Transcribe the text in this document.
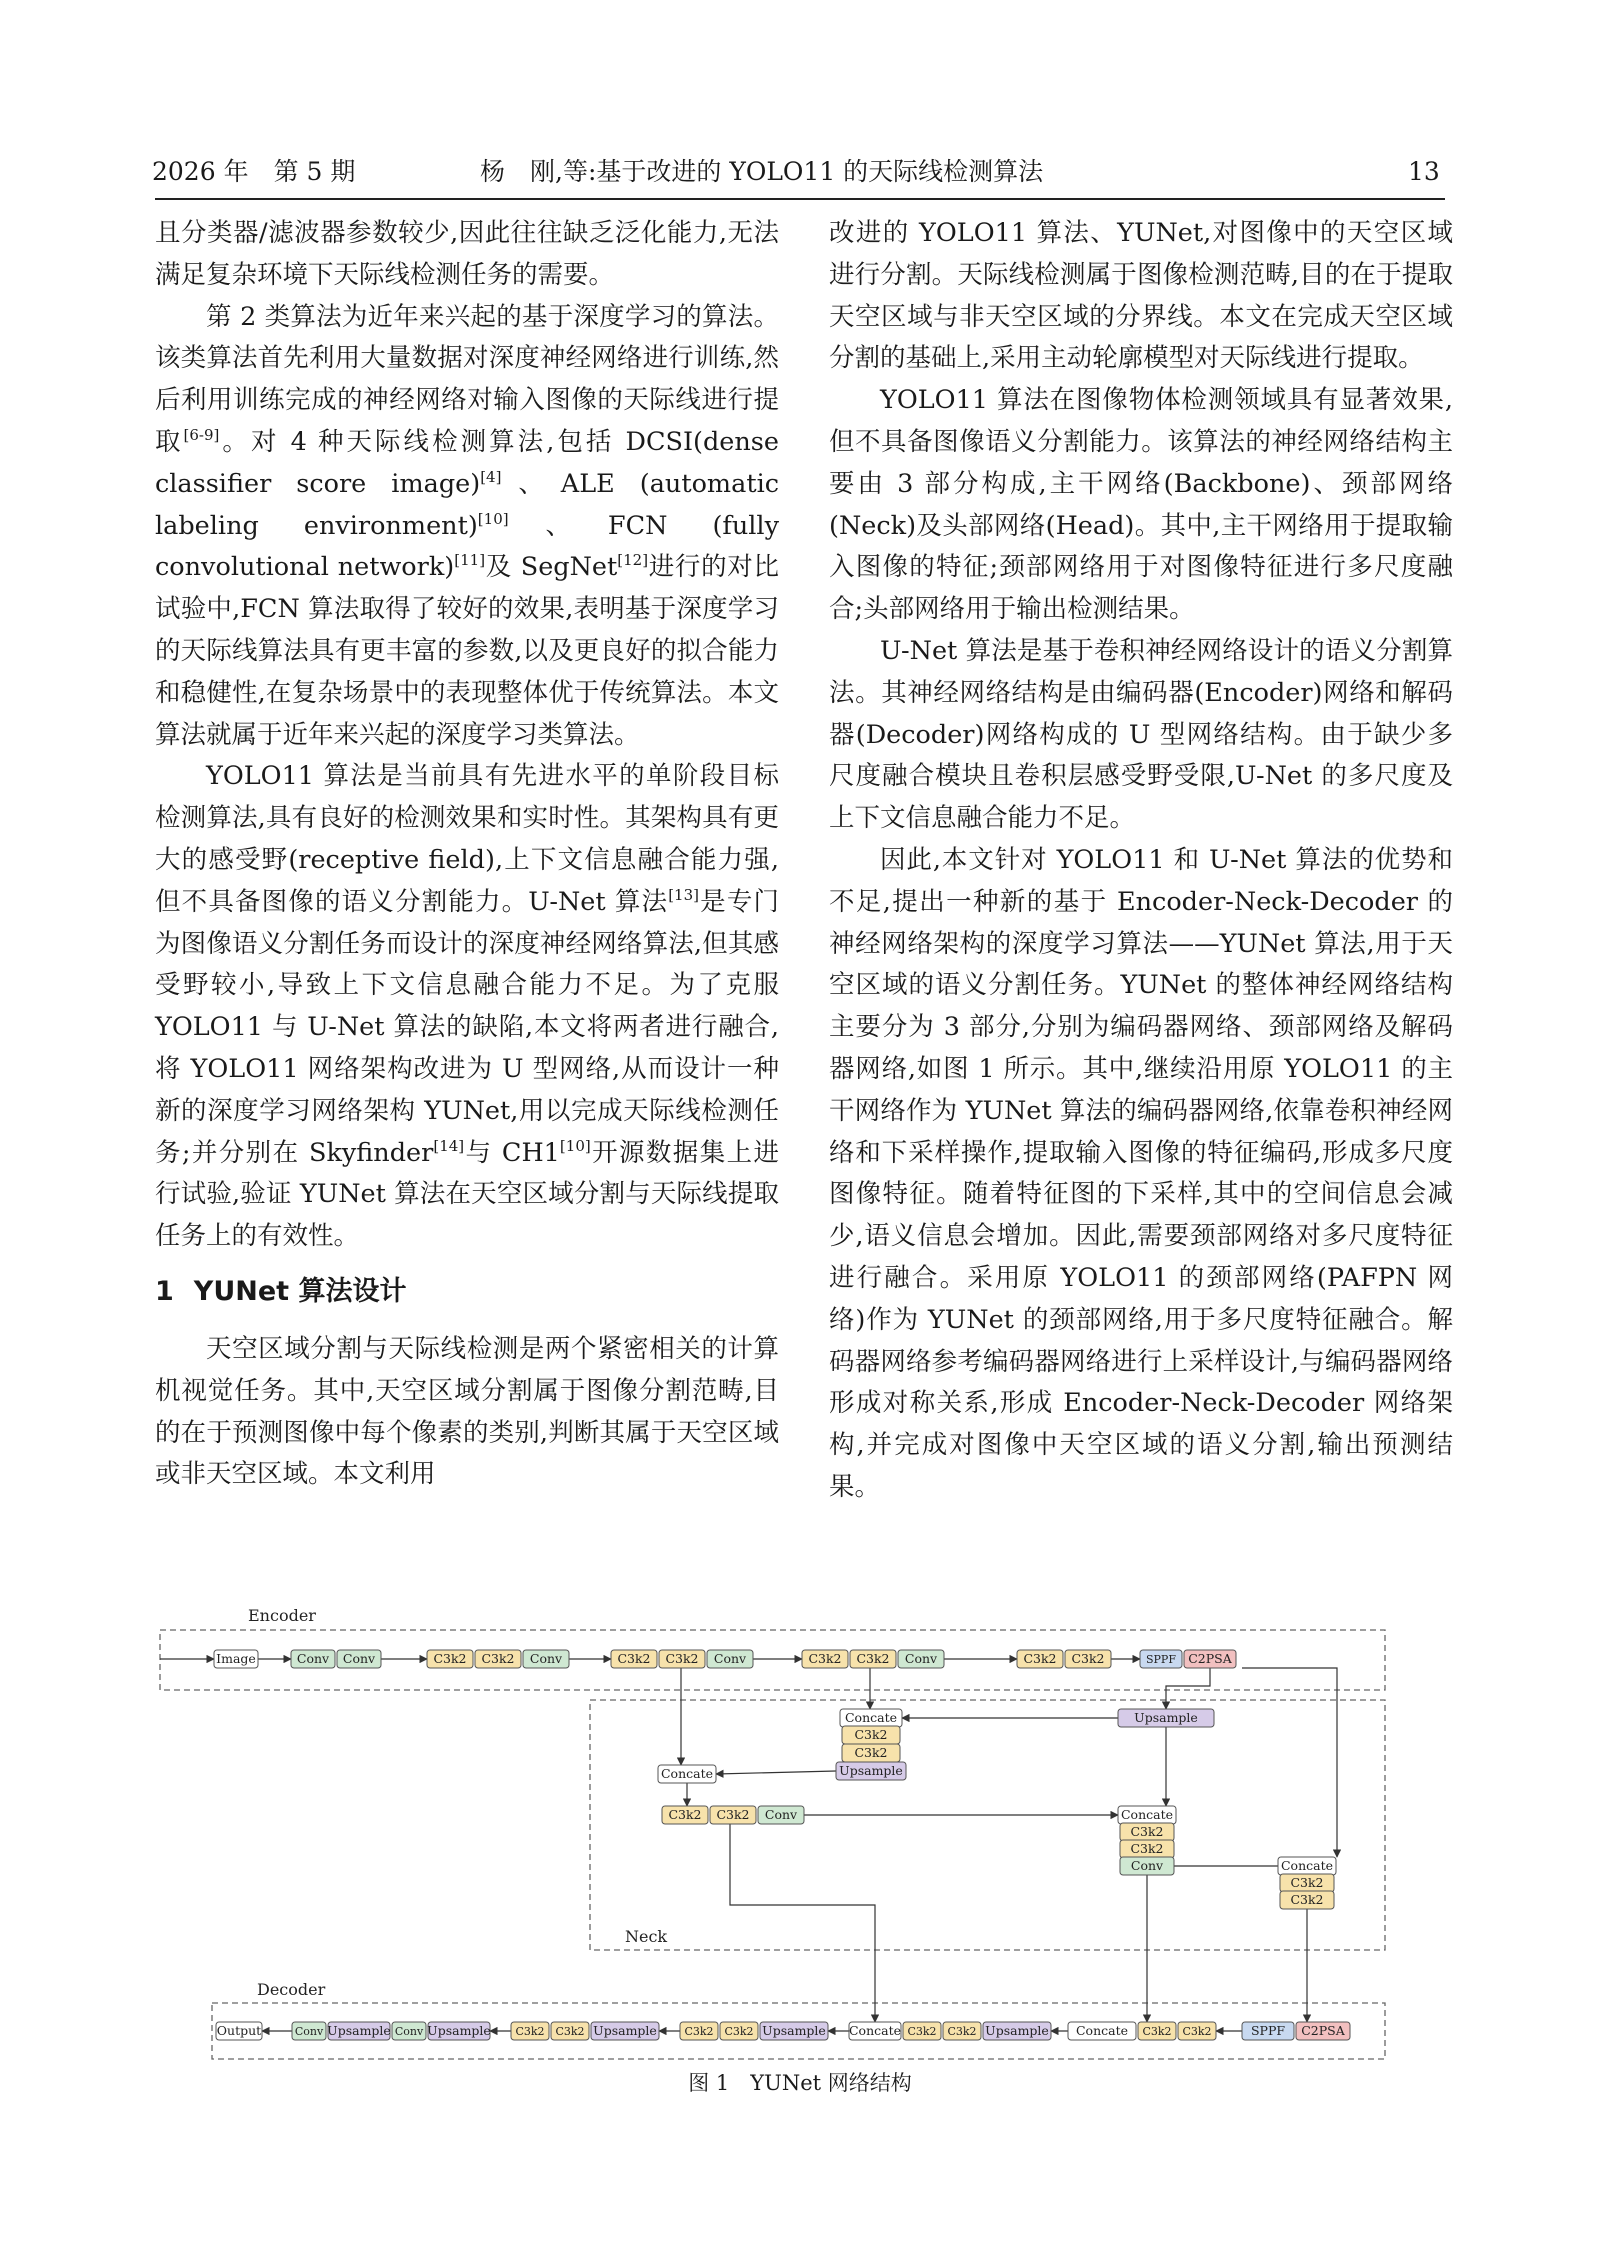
2026 年　第 5 期	杨　刚,等:基于改进的 YOLO11 的天际线检测算法	13

且分类器/滤波器参数较少,因此往往缺乏泛化能力,无法满足复杂环境下天际线检测任务的需要。

第 2 类算法为近年来兴起的基于深度学习的算法。该类算法首先利用大量数据对深度神经网络进行训练,然后利用训练完成的神经网络对输入图像的天际线进行提取[6-9]。对 4 种天际线检测算法,包括 DCSI(dense classifier score image)[4]、ALE (automatic labeling environment)[10]、FCN (fully convolutional network)[11]及 SegNet[12]进行的对比试验中,FCN 算法取得了较好的效果,表明基于深度学习的天际线算法具有更丰富的参数,以及更良好的拟合能力和稳健性,在复杂场景中的表现整体优于传统算法。本文算法就属于近年来兴起的深度学习类算法。

YOLO11 算法是当前具有先进水平的单阶段目标检测算法,具有良好的检测效果和实时性。其架构具有更大的感受野(receptive field),上下文信息融合能力强,但不具备图像的语义分割能力。U-Net 算法[13]是专门为图像语义分割任务而设计的深度神经网络算法,但其感受野较小,导致上下文信息融合能力不足。为了克服 YOLO11 与 U-Net 算法的缺陷,本文将两者进行融合,将 YOLO11 网络架构改进为 U 型网络,从而设计一种新的深度学习网络架构 YUNet,用以完成天际线检测任务;并分别在 Skyfinder[14]与 CH1[10]开源数据集上进行试验,验证 YUNet 算法在天空区域分割与天际线提取任务上的有效性。

1 YUNet 算法设计

天空区域分割与天际线检测是两个紧密相关的计算机视觉任务。其中,天空区域分割属于图像分割范畴,目的在于预测图像中每个像素的类别,判断其属于天空区域或非天空区域。本文利用

改进的 YOLO11 算法、YUNet,对图像中的天空区域进行分割。天际线检测属于图像检测范畴,目的在于提取天空区域与非天空区域的分界线。本文在完成天空区域分割的基础上,采用主动轮廓模型对天际线进行提取。

YOLO11 算法在图像物体检测领域具有显著效果,但不具备图像语义分割能力。该算法的神经网络结构主要由 3 部分构成,主干网络(Backbone)、颈部网络(Neck)及头部网络(Head)。其中,主干网络用于提取输入图像的特征;颈部网络用于对图像特征进行多尺度融合;头部网络用于输出检测结果。

U-Net 算法是基于卷积神经网络设计的语义分割算法。其神经网络结构是由编码器(Encoder)网络和解码器(Decoder)网络构成的 U 型网络结构。由于缺少多尺度融合模块且卷积层感受野受限,U-Net 的多尺度及上下文信息融合能力不足。

因此,本文针对 YOLO11 和 U-Net 算法的优势和不足,提出一种新的基于 Encoder-Neck-Decoder 的神经网络架构的深度学习算法——YUNet 算法,用于天空区域的语义分割任务。YUNet 的整体神经网络结构主要分为 3 部分,分别为编码器网络、颈部网络及解码器网络,如图 1 所示。其中,继续沿用原 YOLO11 的主干网络作为 YUNet 算法的编码器网络,依靠卷积神经网络和下采样操作,提取输入图像的特征编码,形成多尺度图像特征。随着特征图的下采样,其中的空间信息会减少,语义信息会增加。因此,需要颈部网络对多尺度特征进行融合。采用原 YOLO11 的颈部网络(PAFPN 网络)作为 YUNet 的颈部网络,用于多尺度特征融合。解码器网络参考编码器网络进行上采样设计,与编码器网络形成对称关系,形成 Encoder-Neck-Decoder 网络架构,并完成对图像中天空区域的语义分割,输出预测结果。

Encoder
Neck
Decoder
Image	Conv Conv	C3k2 C3k2 Conv	C3k2 C3k2 Conv	C3k2 C3k2 Conv	C3k2 C3k2	SPPF C2PSA
Concate
C3k2
C3k2
Upsample
Upsample
Concate
C3k2 C3k2 Conv	Concate
C3k2
C3k2
Conv	Concate
C3k2
C3k2
Output	Conv Upsample Conv Upsample C3k2 C3k2 Upsample	C3k2 C3k2 Upsample Concate C3k2 C3k2 Upsample Concate C3k2 C3k2	SPPF C2PSA
图 1　YUNet 网络结构
